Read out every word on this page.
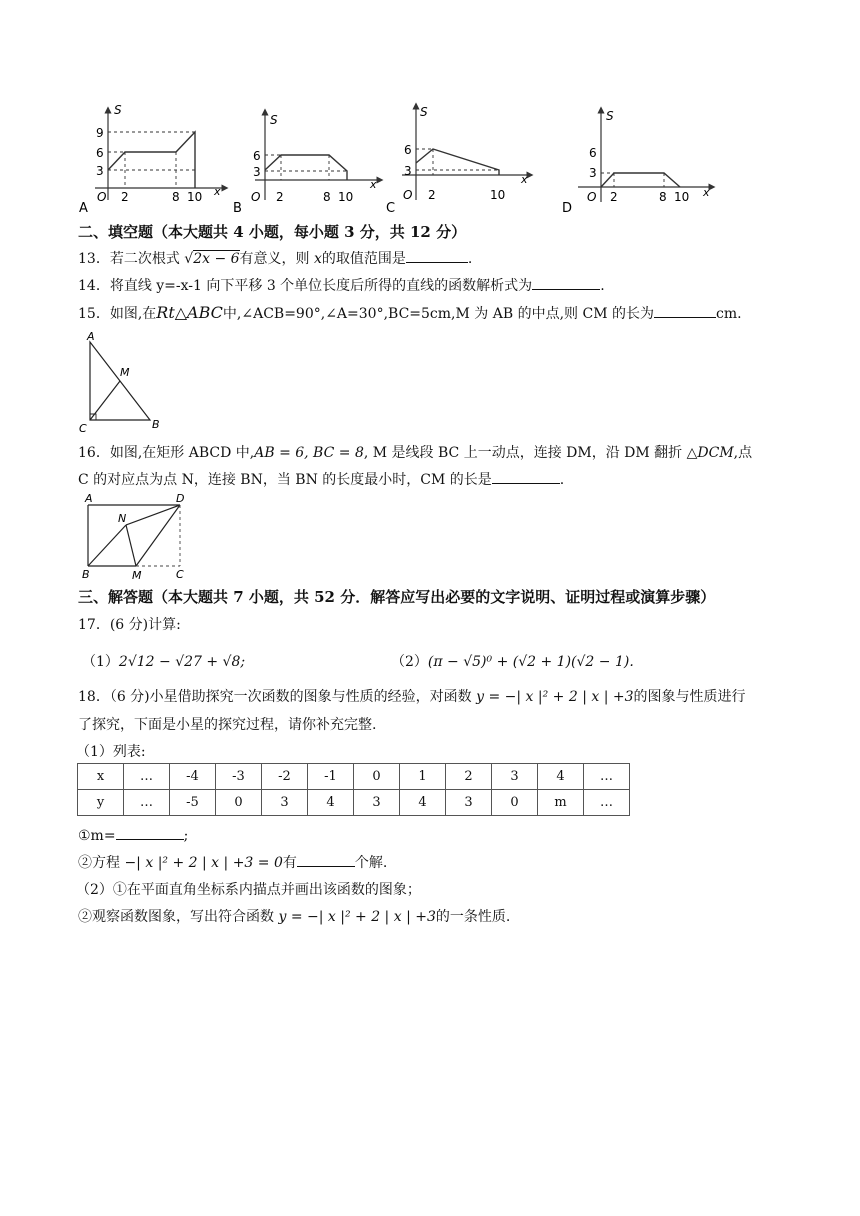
S
9
6
3
O 2	8 10 x
A
S
6
3
O 2	8 10
x
B
S
6
3
O 2	10
x
C
S
6
3
O 2	8 10 x
D
二、填空题（本大题共 4 小题，每小题 3 分，共 12 分）
13．若二次根式 √2x − 6有意义，则 x的取值范围是	.
14．将直线 y=-x-1 向下平移 3 个单位长度后所得的直线的函数解析式为	.
15．如图,在Rt△ABC中,∠ACB=90°,∠A=30°,BC=5cm,M 为 AB 的中点,则 CM 的长为	cm.
A
M
C	B
16．如图,在矩形 ABCD 中,AB = 6, BC = 8, M 是线段 BC 上一动点，连接 DM，沿 DM 翻折 △DCM,点
C 的对应点为点 N，连接 BN，当 BN 的长度最小时，CM 的长是	.
A	D
N
B	M	C
三、解答题（本大题共 7 小题，共 52 分．解答应写出必要的文字说明、证明过程或演算步骤）
17．(6 分)计算:
（1）2√12 − √27 + √8;	（2）(π − √5)⁰ + (√2 + 1)(√2 − 1).
18．（6 分)小星借助探究一次函数的图象与性质的经验，对函数 y = −| x |² + 2 | x | +3的图象与性质进行
了探究，下面是小星的探究过程，请你补充完整.
（1）列表:
x	…	-4	-3	-2	-1	0	1	2	3	4	…
y	…	-5	0	3	4	3	4	3	0	m	…
①m=	;
②方程 −| x |² + 2 | x | +3 = 0有	个解.
（2）①在平面直角坐标系内描点并画出该函数的图象；
②观察函数图象，写出符合函数 y = −| x |² + 2 | x | +3的一条性质.
